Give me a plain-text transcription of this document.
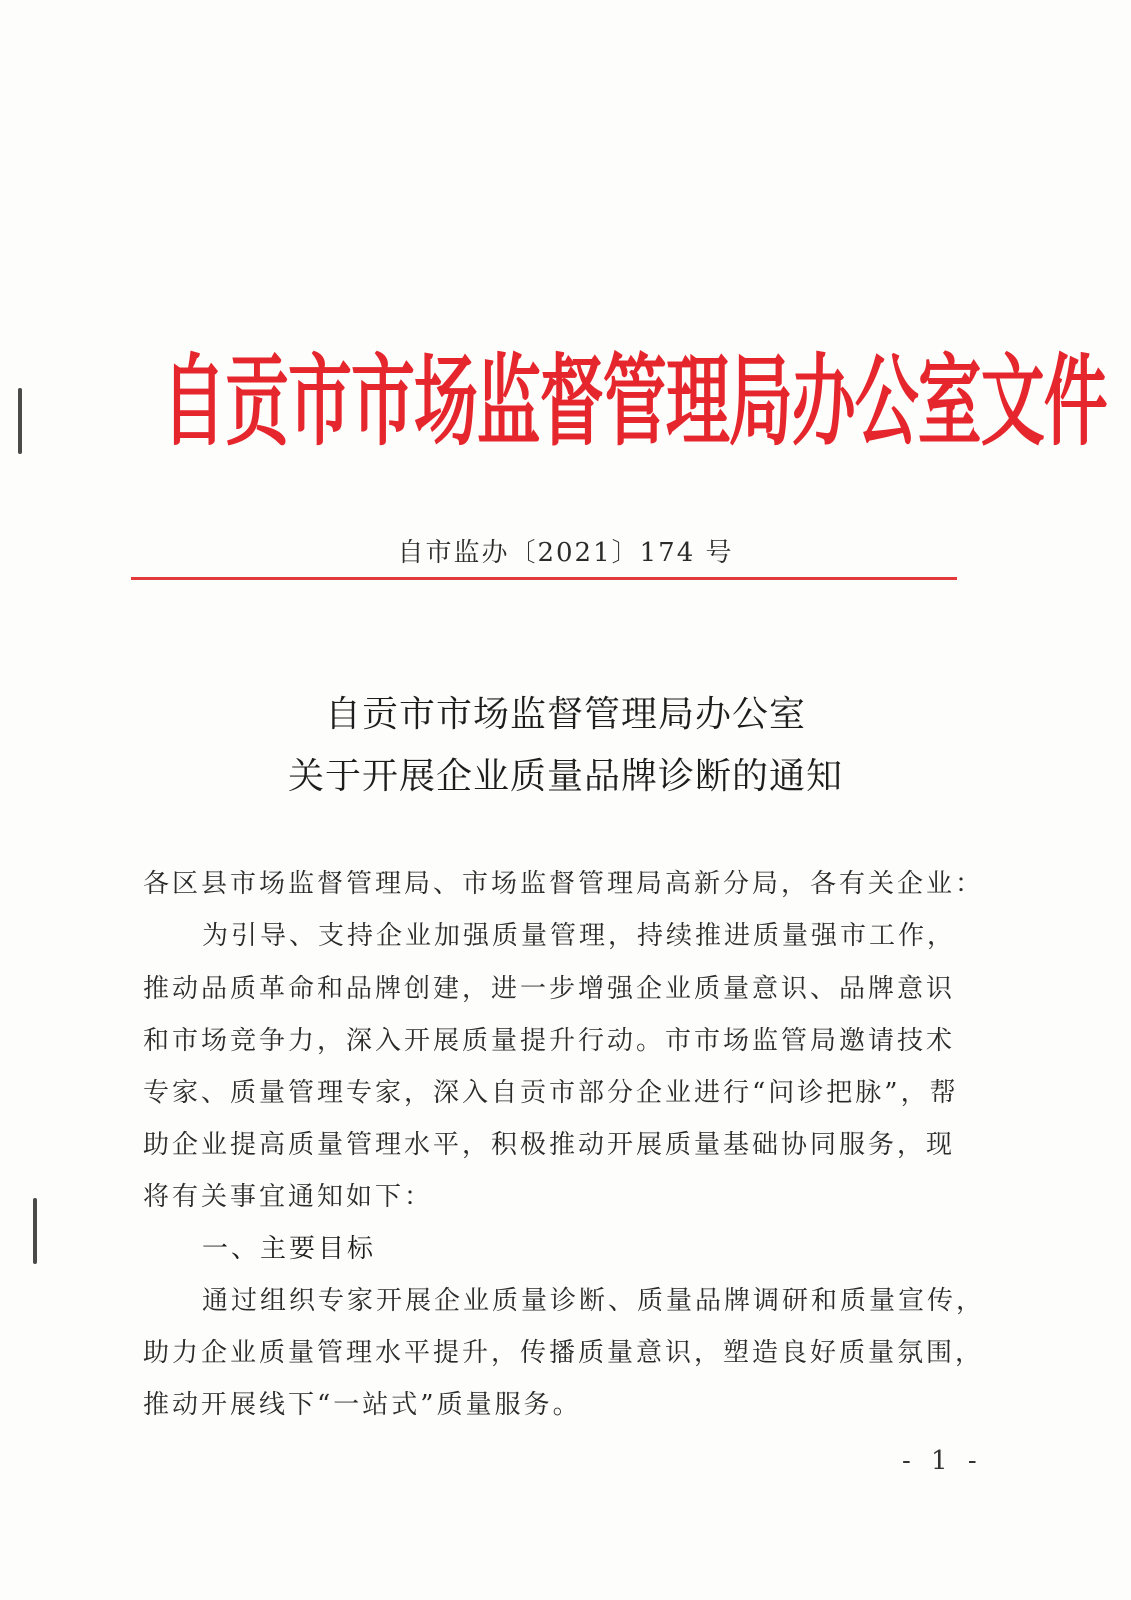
自贡市市场监督管理局办公室文件
自市监办〔2021〕174 号
自贡市市场监督管理局办公室
关于开展企业质量品牌诊断的通知
各区县市场监督管理局、市场监督管理局高新分局，各有关企业：
为引导、支持企业加强质量管理，持续推进质量强市工作，
推动品质革命和品牌创建，进一步增强企业质量意识、品牌意识
和市场竞争力，深入开展质量提升行动。市市场监管局邀请技术
专家、质量管理专家，深入自贡市部分企业进行“问诊把脉”，帮
助企业提高质量管理水平，积极推动开展质量基础协同服务，现
将有关事宜通知如下：
一、主要目标
通过组织专家开展企业质量诊断、质量品牌调研和质量宣传，
助力企业质量管理水平提升，传播质量意识，塑造良好质量氛围，
推动开展线下“一站式”质量服务。
- 1 -
